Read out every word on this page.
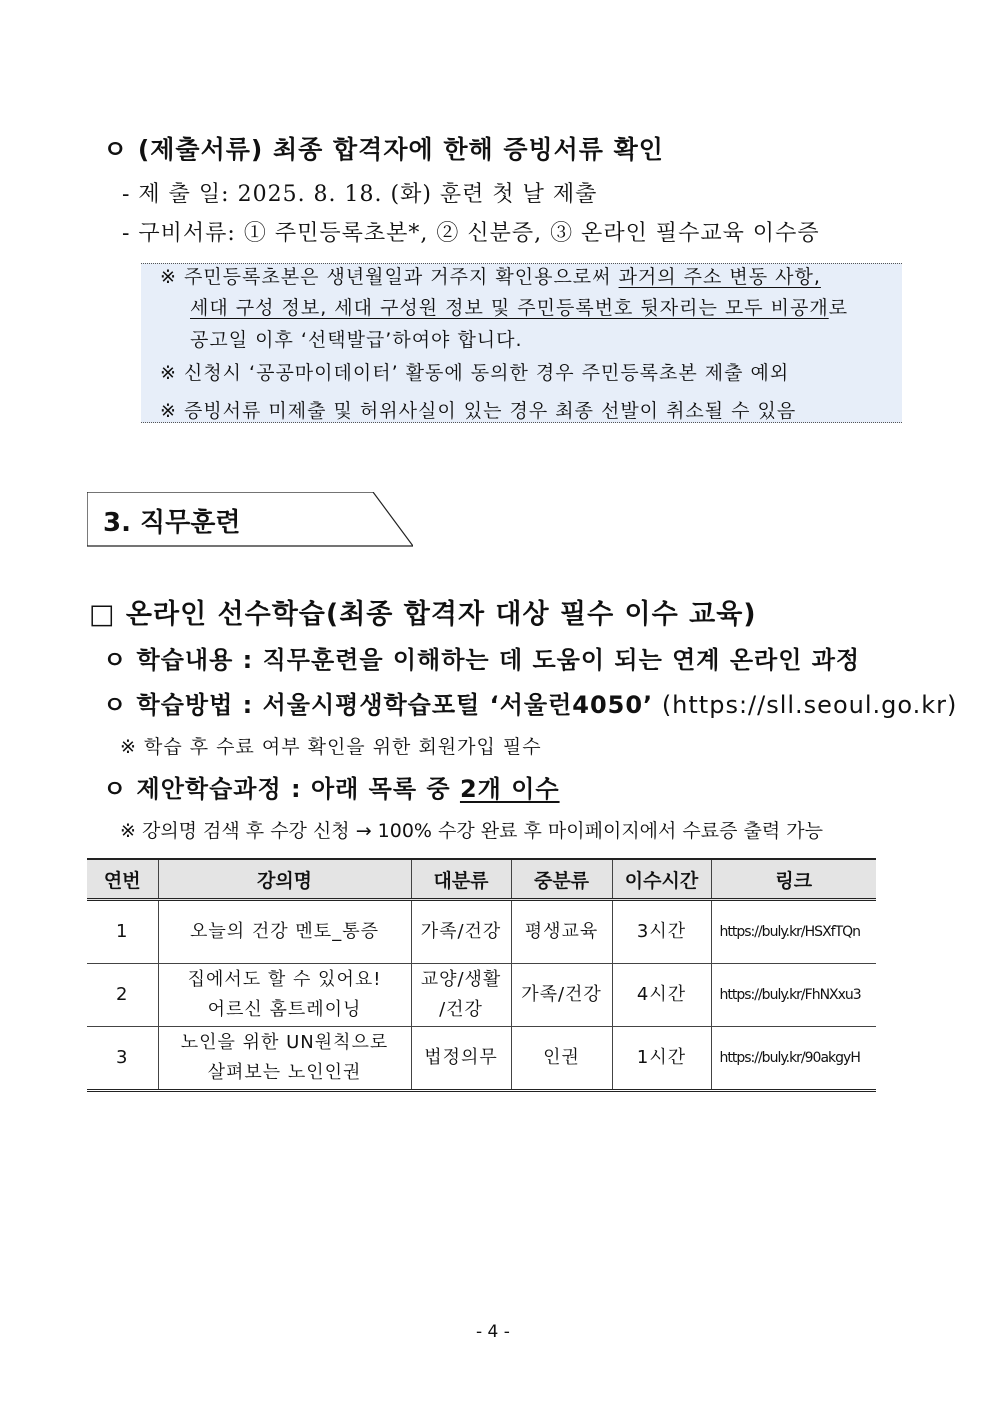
ㅇ (제출서류) 최종 합격자에 한해 증빙서류 확인
- 제 출 일: 2025. 8. 18. (화) 훈련 첫 날 제출
- 구비서류: ① 주민등록초본*, ② 신분증, ③ 온라인 필수교육 이수증
※ 주민등록초본은 생년월일과 거주지 확인용으로써 과거의 주소 변동 사항,
세대 구성 정보, 세대 구성원 정보 및 주민등록번호 뒷자리는 모두 비공개로
공고일 이후 ‘선택발급’하여야 합니다.
※ 신청시 ‘공공마이데이터’ 활동에 동의한 경우 주민등록초본 제출 예외
※ 증빙서류 미제출 및 허위사실이 있는 경우 최종 선발이 취소될 수 있음
3. 직무훈련
□ 온라인 선수학습(최종 합격자 대상 필수 이수 교육)
ㅇ 학습내용 : 직무훈련을 이해하는 데 도움이 되는 연계 온라인 과정
ㅇ 학습방법 : 서울시평생학습포털 ‘서울런4050’ (https://sll.seoul.go.kr)
※ 학습 후 수료 여부 확인을 위한 회원가입 필수
ㅇ 제안학습과정 : 아래 목록 중 2개 이수
※ 강의명 검색 후 수강 신청 → 100% 수강 완료 후 마이페이지에서 수료증 출력 가능
연번	강의명	대분류	중분류	이수시간	링크
1	오늘의 건강 멘토_통증	가족/건강	평생교육	3시간	https://buly.kr/HSXfTQn
2	집에서도 할 수 있어요!
어르신 홈트레이닝	교양/생활
/건강	가족/건강	4시간	https://buly.kr/FhNXxu3
3	노인을 위한 UN원칙으로
살펴보는 노인인권	법정의무	인권	1시간	https://buly.kr/90akgyH
- 4 -
